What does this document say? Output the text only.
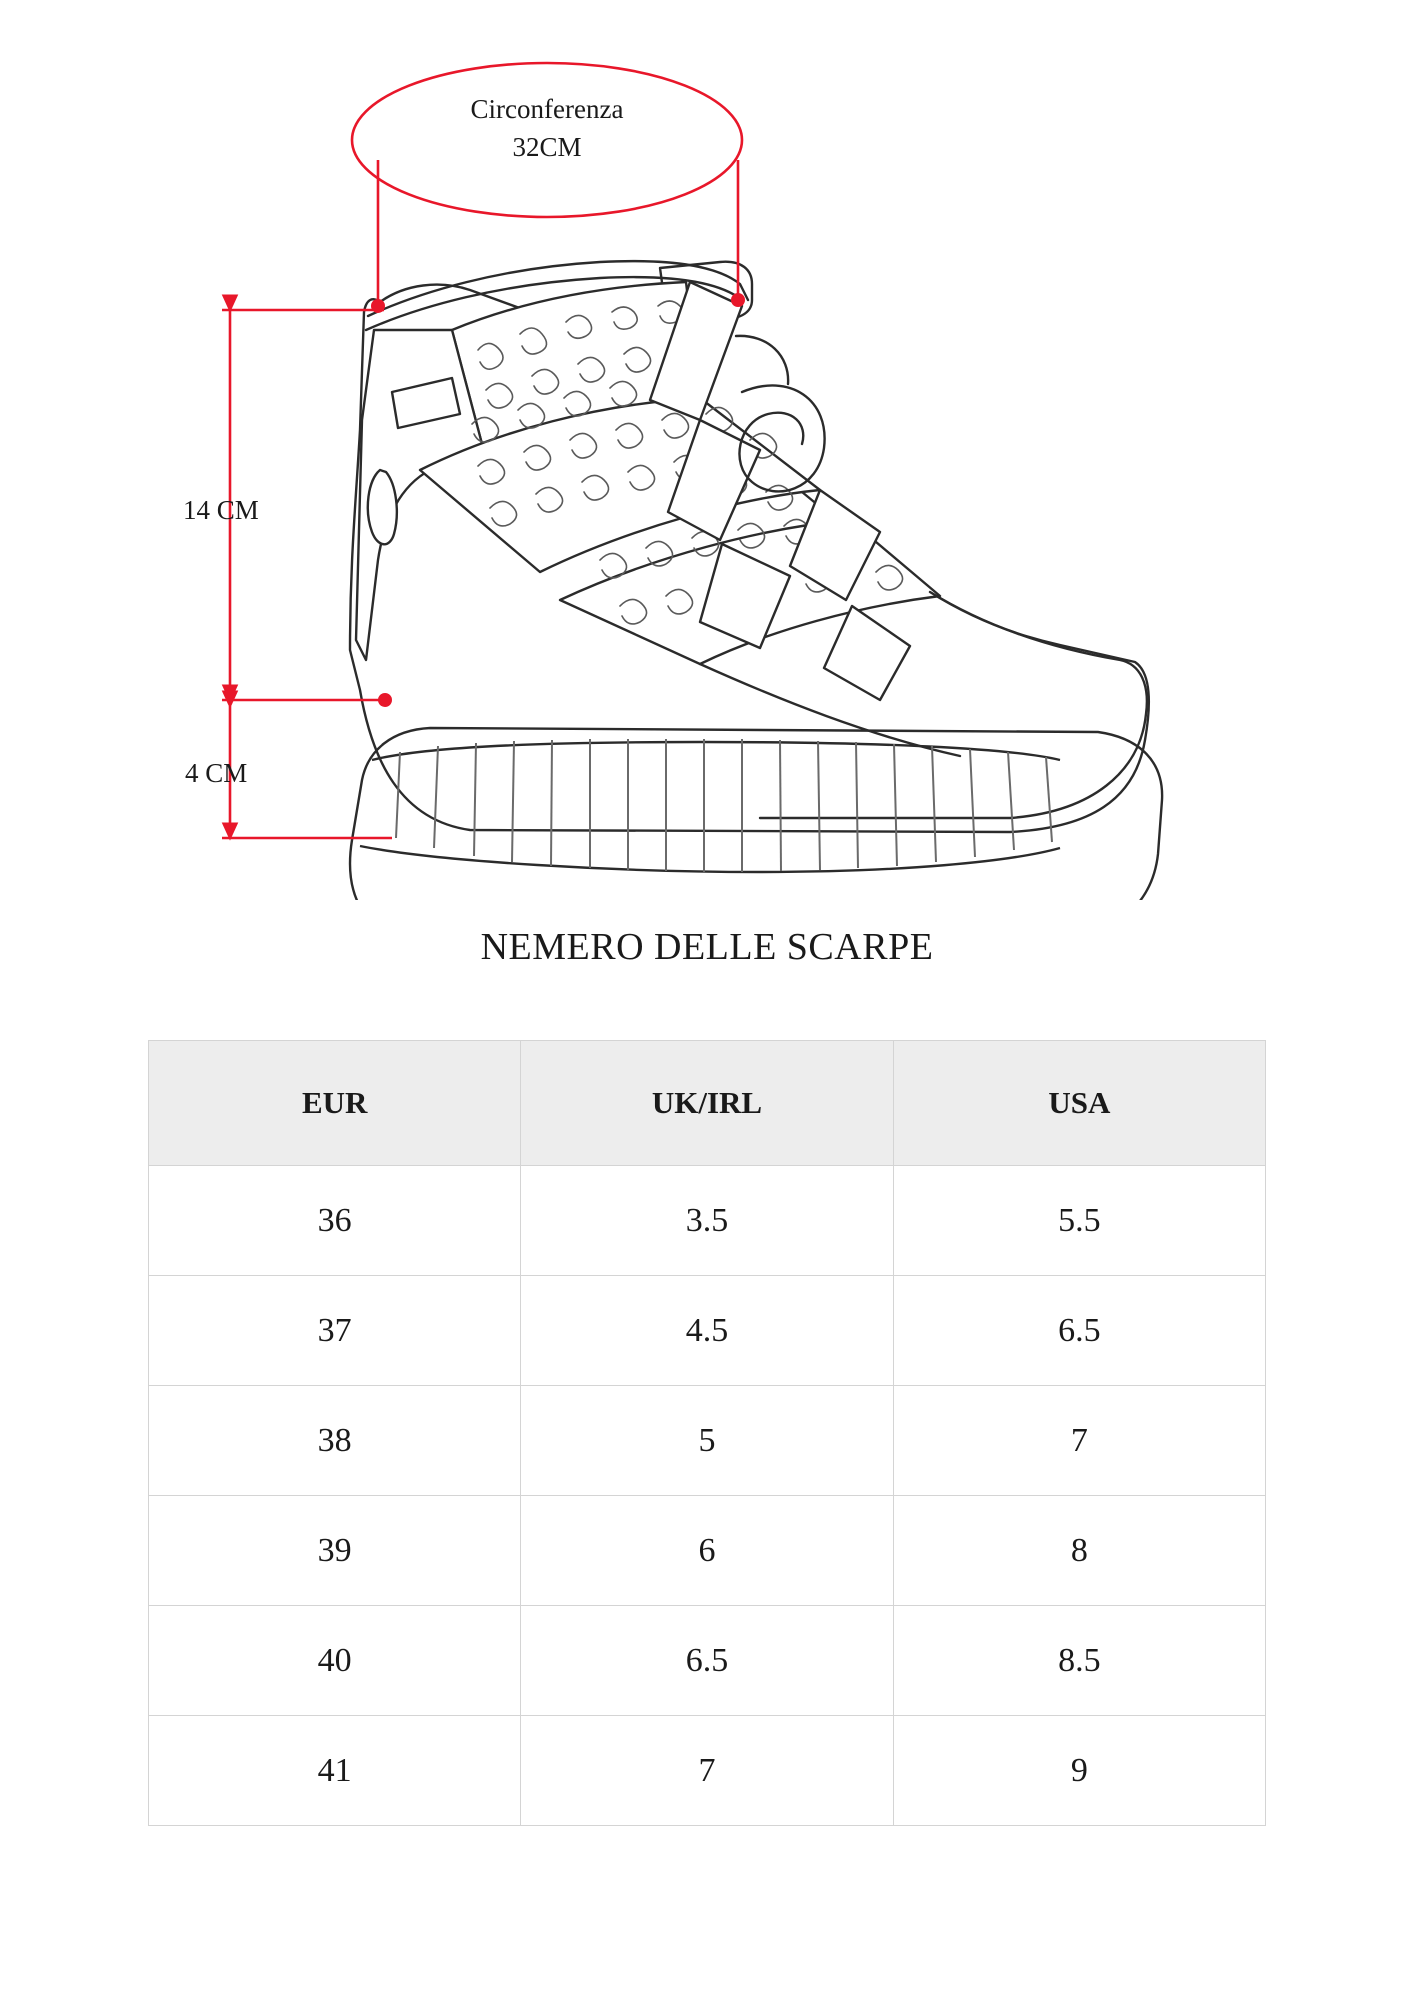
Circonferenza
32CM
14 CM
4 CM
NEMERO DELLE SCARPE
EUR	UK/IRL	USA
36	3.5	5.5
37	4.5	6.5
38	5	7
39	6	8
40	6.5	8.5
41	7	9
